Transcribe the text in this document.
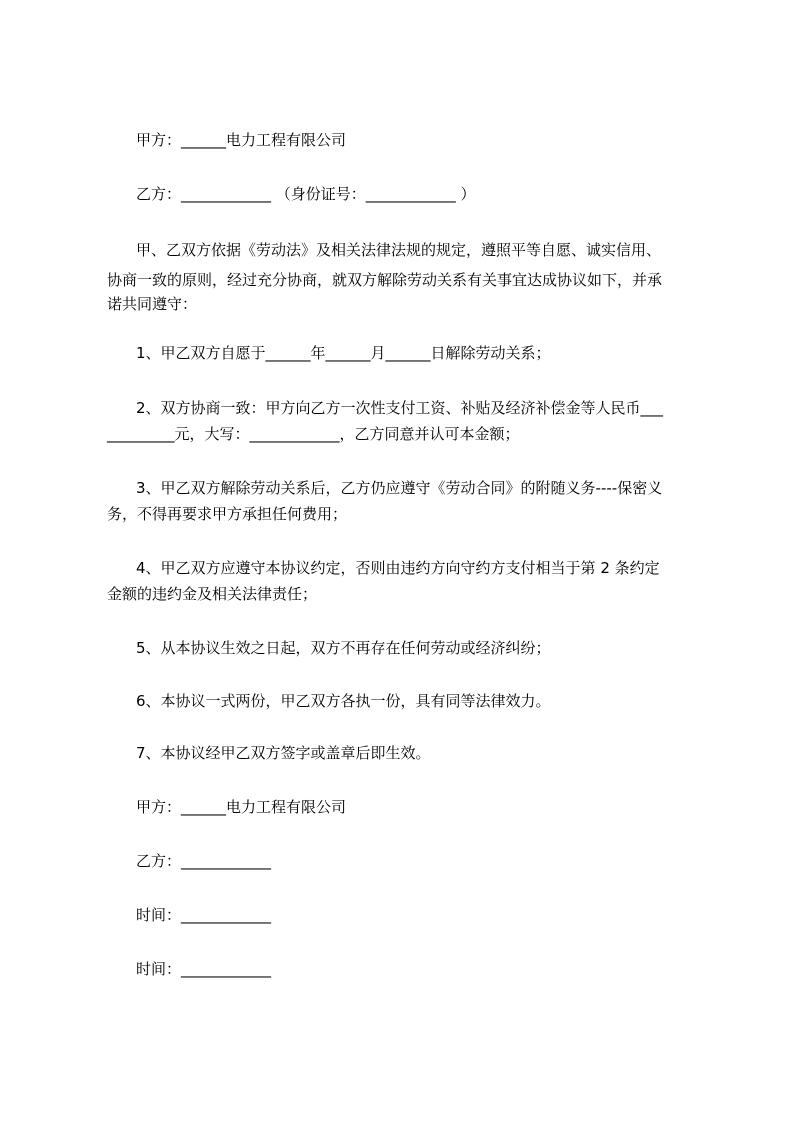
甲方：______电力工程有限公司
乙方：____________ （身份证号：____________ ）
甲、乙双方依据《劳动法》及相关法律法规的规定，遵照平等自愿、诚实信用、
协商一致的原则，经过充分协商，就双方解除劳动关系有关事宜达成协议如下，并承
诺共同遵守：
1、甲乙双方自愿于______年______月______日解除劳动关系；
2、双方协商一致：甲方向乙方一次性支付工资、补贴及经济补偿金等人民币___
_________元，大写：____________，乙方同意并认可本金额；
3、甲乙双方解除劳动关系后，乙方仍应遵守《劳动合同》的附随义务----保密义
务，不得再要求甲方承担任何费用；
4、甲乙双方应遵守本协议约定，否则由违约方向守约方支付相当于第 2 条约定
金额的违约金及相关法律责任；
5、从本协议生效之日起，双方不再存在任何劳动或经济纠纷；
6、本协议一式两份，甲乙双方各执一份，具有同等法律效力。
7、本协议经甲乙双方签字或盖章后即生效。
甲方：______电力工程有限公司
乙方：____________
时间：____________
时间：____________
